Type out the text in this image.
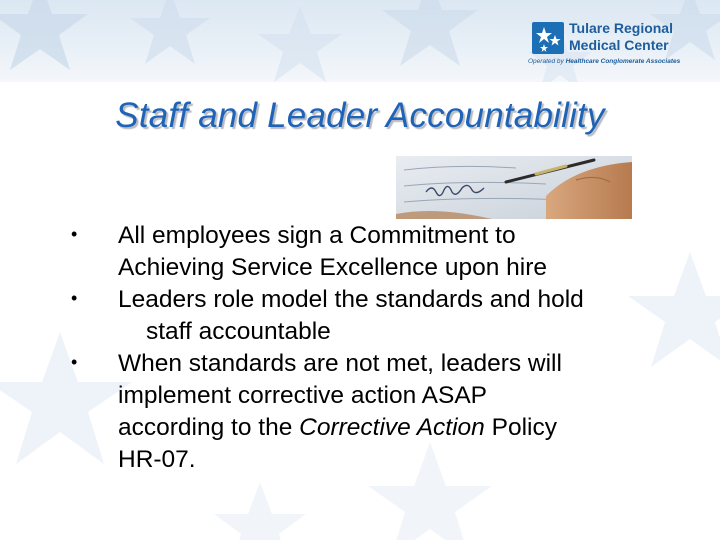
Tulare Regional
Medical Center
Operated by Healthcare Conglomerate Associates
Staff and Leader Accountability
• All employees sign a Commitment to
Achieving Service Excellence upon hire
• Leaders role model the standards and hold
staff accountable
• When standards are not met, leaders will
implement corrective action ASAP
according to the Corrective Action Policy
HR-07.
